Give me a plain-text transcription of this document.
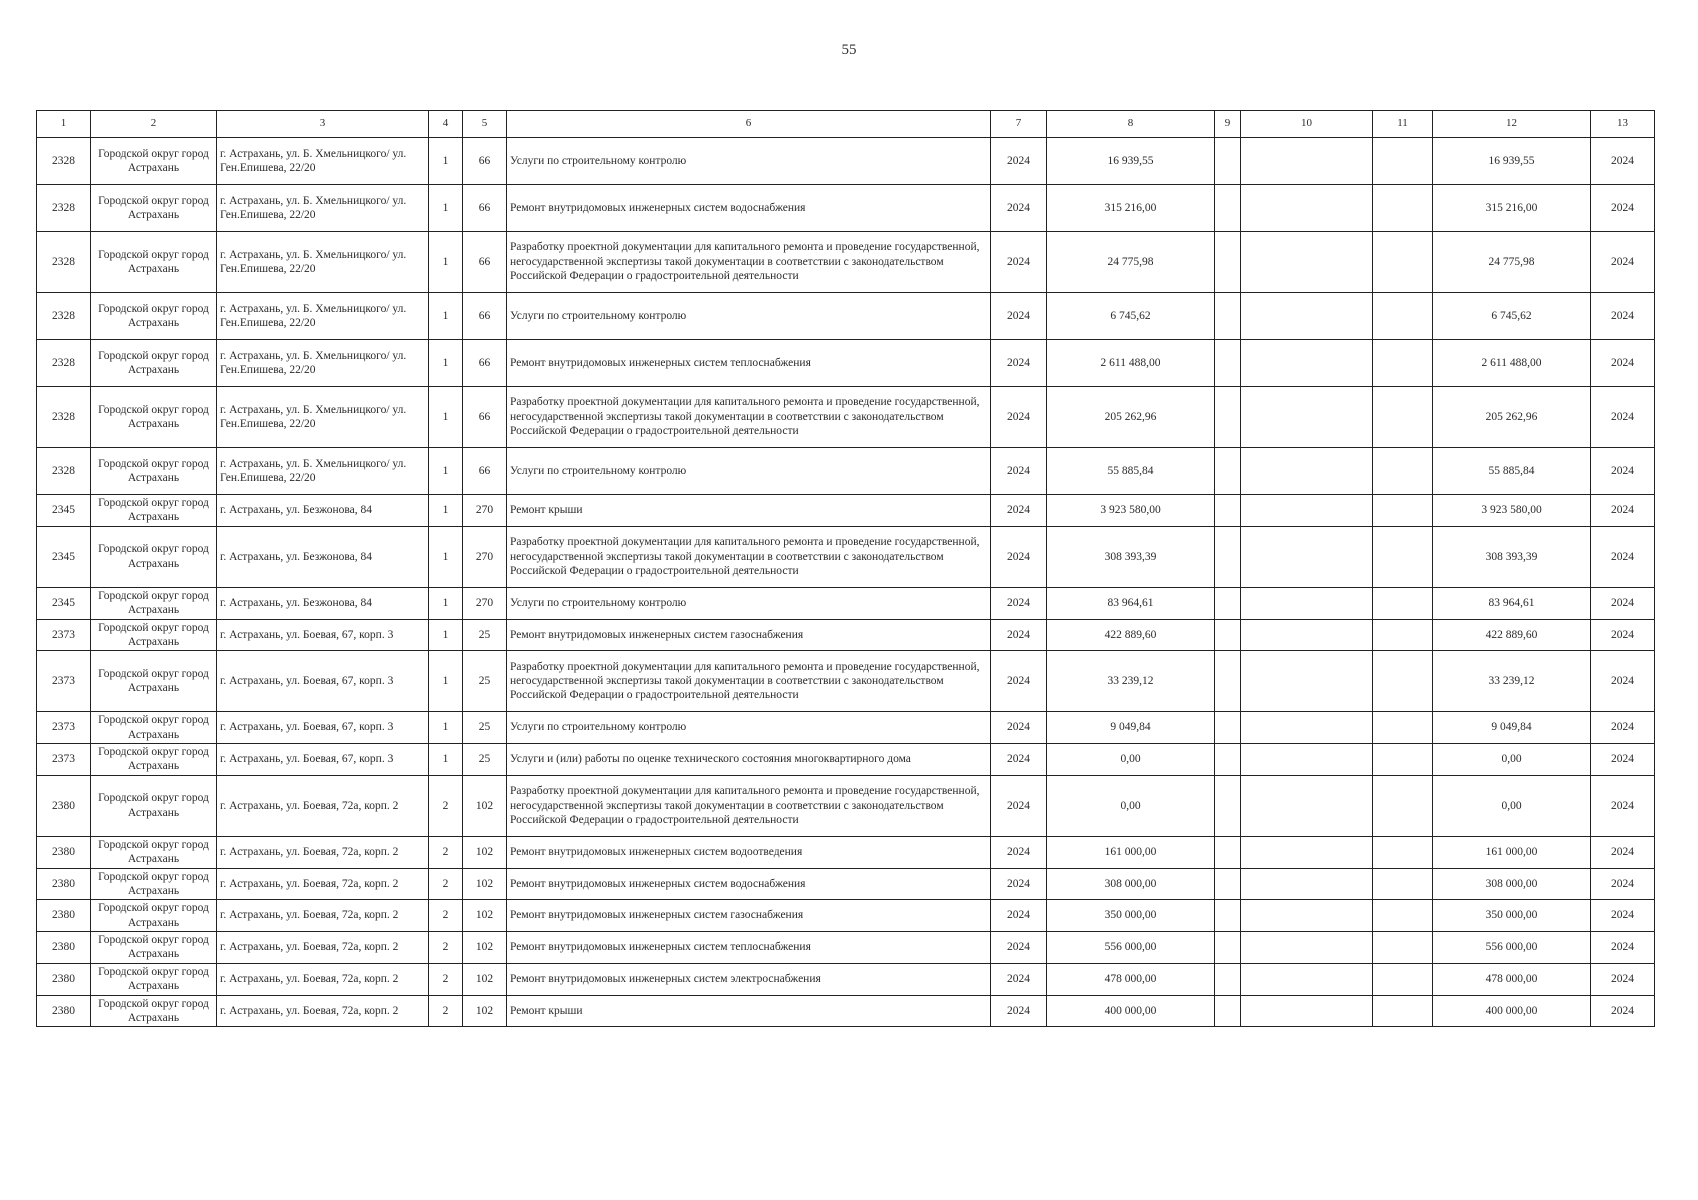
55
1	2	3	4	5	6	7	8	9	10	11	12	13
2328	Городской округ город Астрахань	г. Астрахань, ул. Б. Хмельницкого/ ул. Ген.Епишева, 22/20	1	66	Услуги по строительному контролю	2024	16 939,55				16 939,55	2024
2328	Городской округ город Астрахань	г. Астрахань, ул. Б. Хмельницкого/ ул. Ген.Епишева, 22/20	1	66	Ремонт внутридомовых инженерных систем водоснабжения	2024	315 216,00				315 216,00	2024
2328	Городской округ город Астрахань	г. Астрахань, ул. Б. Хмельницкого/ ул. Ген.Епишева, 22/20	1	66	Разработку проектной документации для капитального ремонта и проведение государственной, негосударственной экспертизы такой документации в соответствии с законодательством Российской Федерации о градостроительной деятельности	2024	24 775,98				24 775,98	2024
2328	Городской округ город Астрахань	г. Астрахань, ул. Б. Хмельницкого/ ул. Ген.Епишева, 22/20	1	66	Услуги по строительному контролю	2024	6 745,62				6 745,62	2024
2328	Городской округ город Астрахань	г. Астрахань, ул. Б. Хмельницкого/ ул. Ген.Епишева, 22/20	1	66	Ремонт внутридомовых инженерных систем теплоснабжения	2024	2 611 488,00				2 611 488,00	2024
2328	Городской округ город Астрахань	г. Астрахань, ул. Б. Хмельницкого/ ул. Ген.Епишева, 22/20	1	66	Разработку проектной документации для капитального ремонта и проведение государственной, негосударственной экспертизы такой документации в соответствии с законодательством Российской Федерации о градостроительной деятельности	2024	205 262,96				205 262,96	2024
2328	Городской округ город Астрахань	г. Астрахань, ул. Б. Хмельницкого/ ул. Ген.Епишева, 22/20	1	66	Услуги по строительному контролю	2024	55 885,84				55 885,84	2024
2345	Городской округ город Астрахань	г. Астрахань, ул. Безжонова, 84	1	270	Ремонт крыши	2024	3 923 580,00				3 923 580,00	2024
2345	Городской округ город Астрахань	г. Астрахань, ул. Безжонова, 84	1	270	Разработку проектной документации для капитального ремонта и проведение государственной, негосударственной экспертизы такой документации в соответствии с законодательством Российской Федерации о градостроительной деятельности	2024	308 393,39				308 393,39	2024
2345	Городской округ город Астрахань	г. Астрахань, ул. Безжонова, 84	1	270	Услуги по строительному контролю	2024	83 964,61				83 964,61	2024
2373	Городской округ город Астрахань	г. Астрахань, ул. Боевая, 67, корп. 3	1	25	Ремонт внутридомовых инженерных систем газоснабжения	2024	422 889,60				422 889,60	2024
2373	Городской округ город Астрахань	г. Астрахань, ул. Боевая, 67, корп. 3	1	25	Разработку проектной документации для капитального ремонта и проведение государственной, негосударственной экспертизы такой документации в соответствии с законодательством Российской Федерации о градостроительной деятельности	2024	33 239,12				33 239,12	2024
2373	Городской округ город Астрахань	г. Астрахань, ул. Боевая, 67, корп. 3	1	25	Услуги по строительному контролю	2024	9 049,84				9 049,84	2024
2373	Городской округ город Астрахань	г. Астрахань, ул. Боевая, 67, корп. 3	1	25	Услуги и (или) работы по оценке технического состояния многоквартирного дома	2024	0,00				0,00	2024
2380	Городской округ город Астрахань	г. Астрахань, ул. Боевая, 72а, корп. 2	2	102	Разработку проектной документации для капитального ремонта и проведение государственной, негосударственной экспертизы такой документации в соответствии с законодательством Российской Федерации о градостроительной деятельности	2024	0,00				0,00	2024
2380	Городской округ город Астрахань	г. Астрахань, ул. Боевая, 72а, корп. 2	2	102	Ремонт внутридомовых инженерных систем водоотведения	2024	161 000,00				161 000,00	2024
2380	Городской округ город Астрахань	г. Астрахань, ул. Боевая, 72а, корп. 2	2	102	Ремонт внутридомовых инженерных систем водоснабжения	2024	308 000,00				308 000,00	2024
2380	Городской округ город Астрахань	г. Астрахань, ул. Боевая, 72а, корп. 2	2	102	Ремонт внутридомовых инженерных систем газоснабжения	2024	350 000,00				350 000,00	2024
2380	Городской округ город Астрахань	г. Астрахань, ул. Боевая, 72а, корп. 2	2	102	Ремонт внутридомовых инженерных систем теплоснабжения	2024	556 000,00				556 000,00	2024
2380	Городской округ город Астрахань	г. Астрахань, ул. Боевая, 72а, корп. 2	2	102	Ремонт внутридомовых инженерных систем электроснабжения	2024	478 000,00				478 000,00	2024
2380	Городской округ город Астрахань	г. Астрахань, ул. Боевая, 72а, корп. 2	2	102	Ремонт крыши	2024	400 000,00				400 000,00	2024
